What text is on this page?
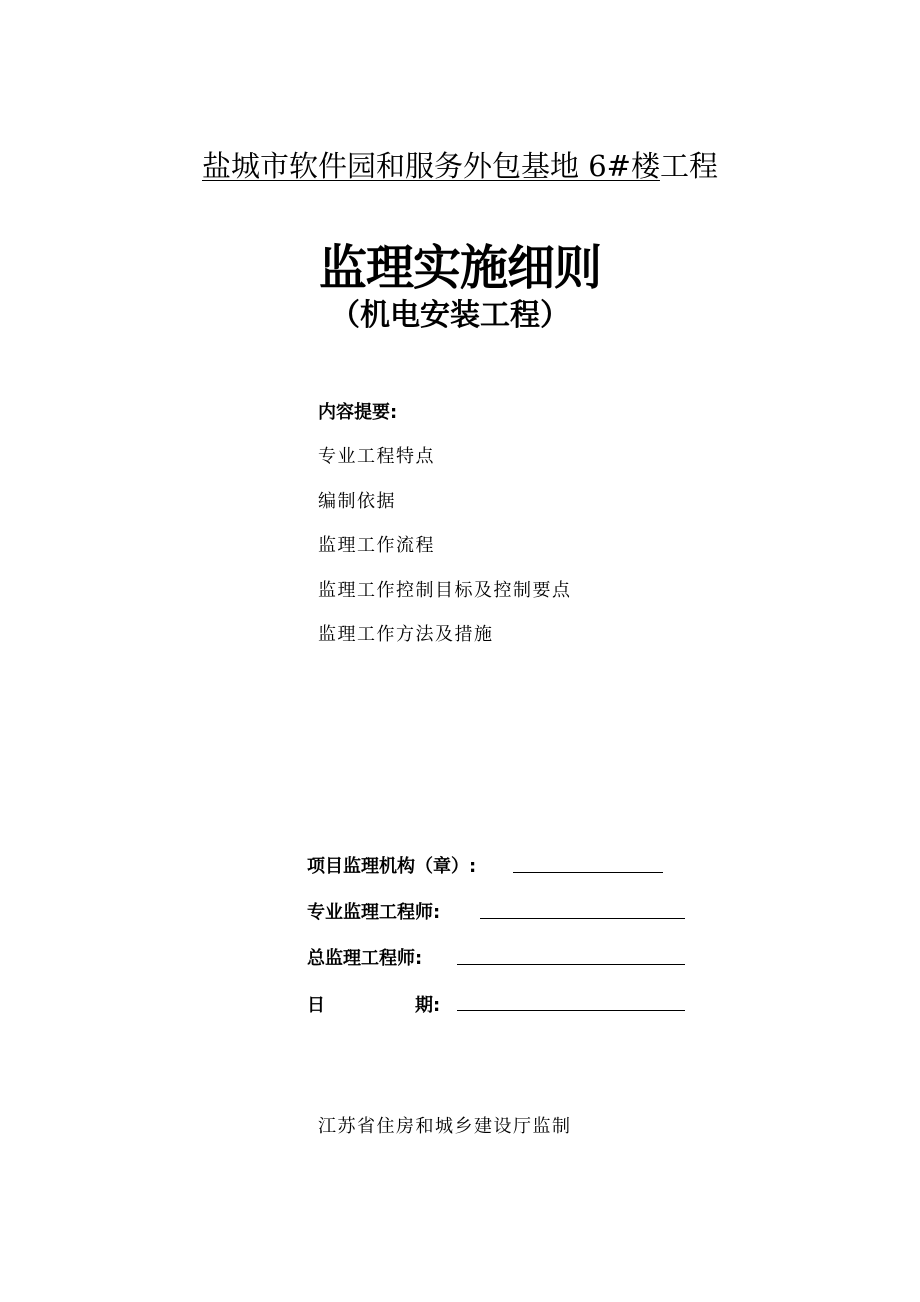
盐城市软件园和服务外包基地 6#楼工程
监理实施细则
（机电安装工程）
内容提要:
专业工程特点
编制依据
监理工作流程
监理工作控制目标及控制要点
监理工作方法及措施
项目监理机构（章）:
专业监理工程师:
总监理工程师:
日	期:
江苏省住房和城乡建设厅监制
